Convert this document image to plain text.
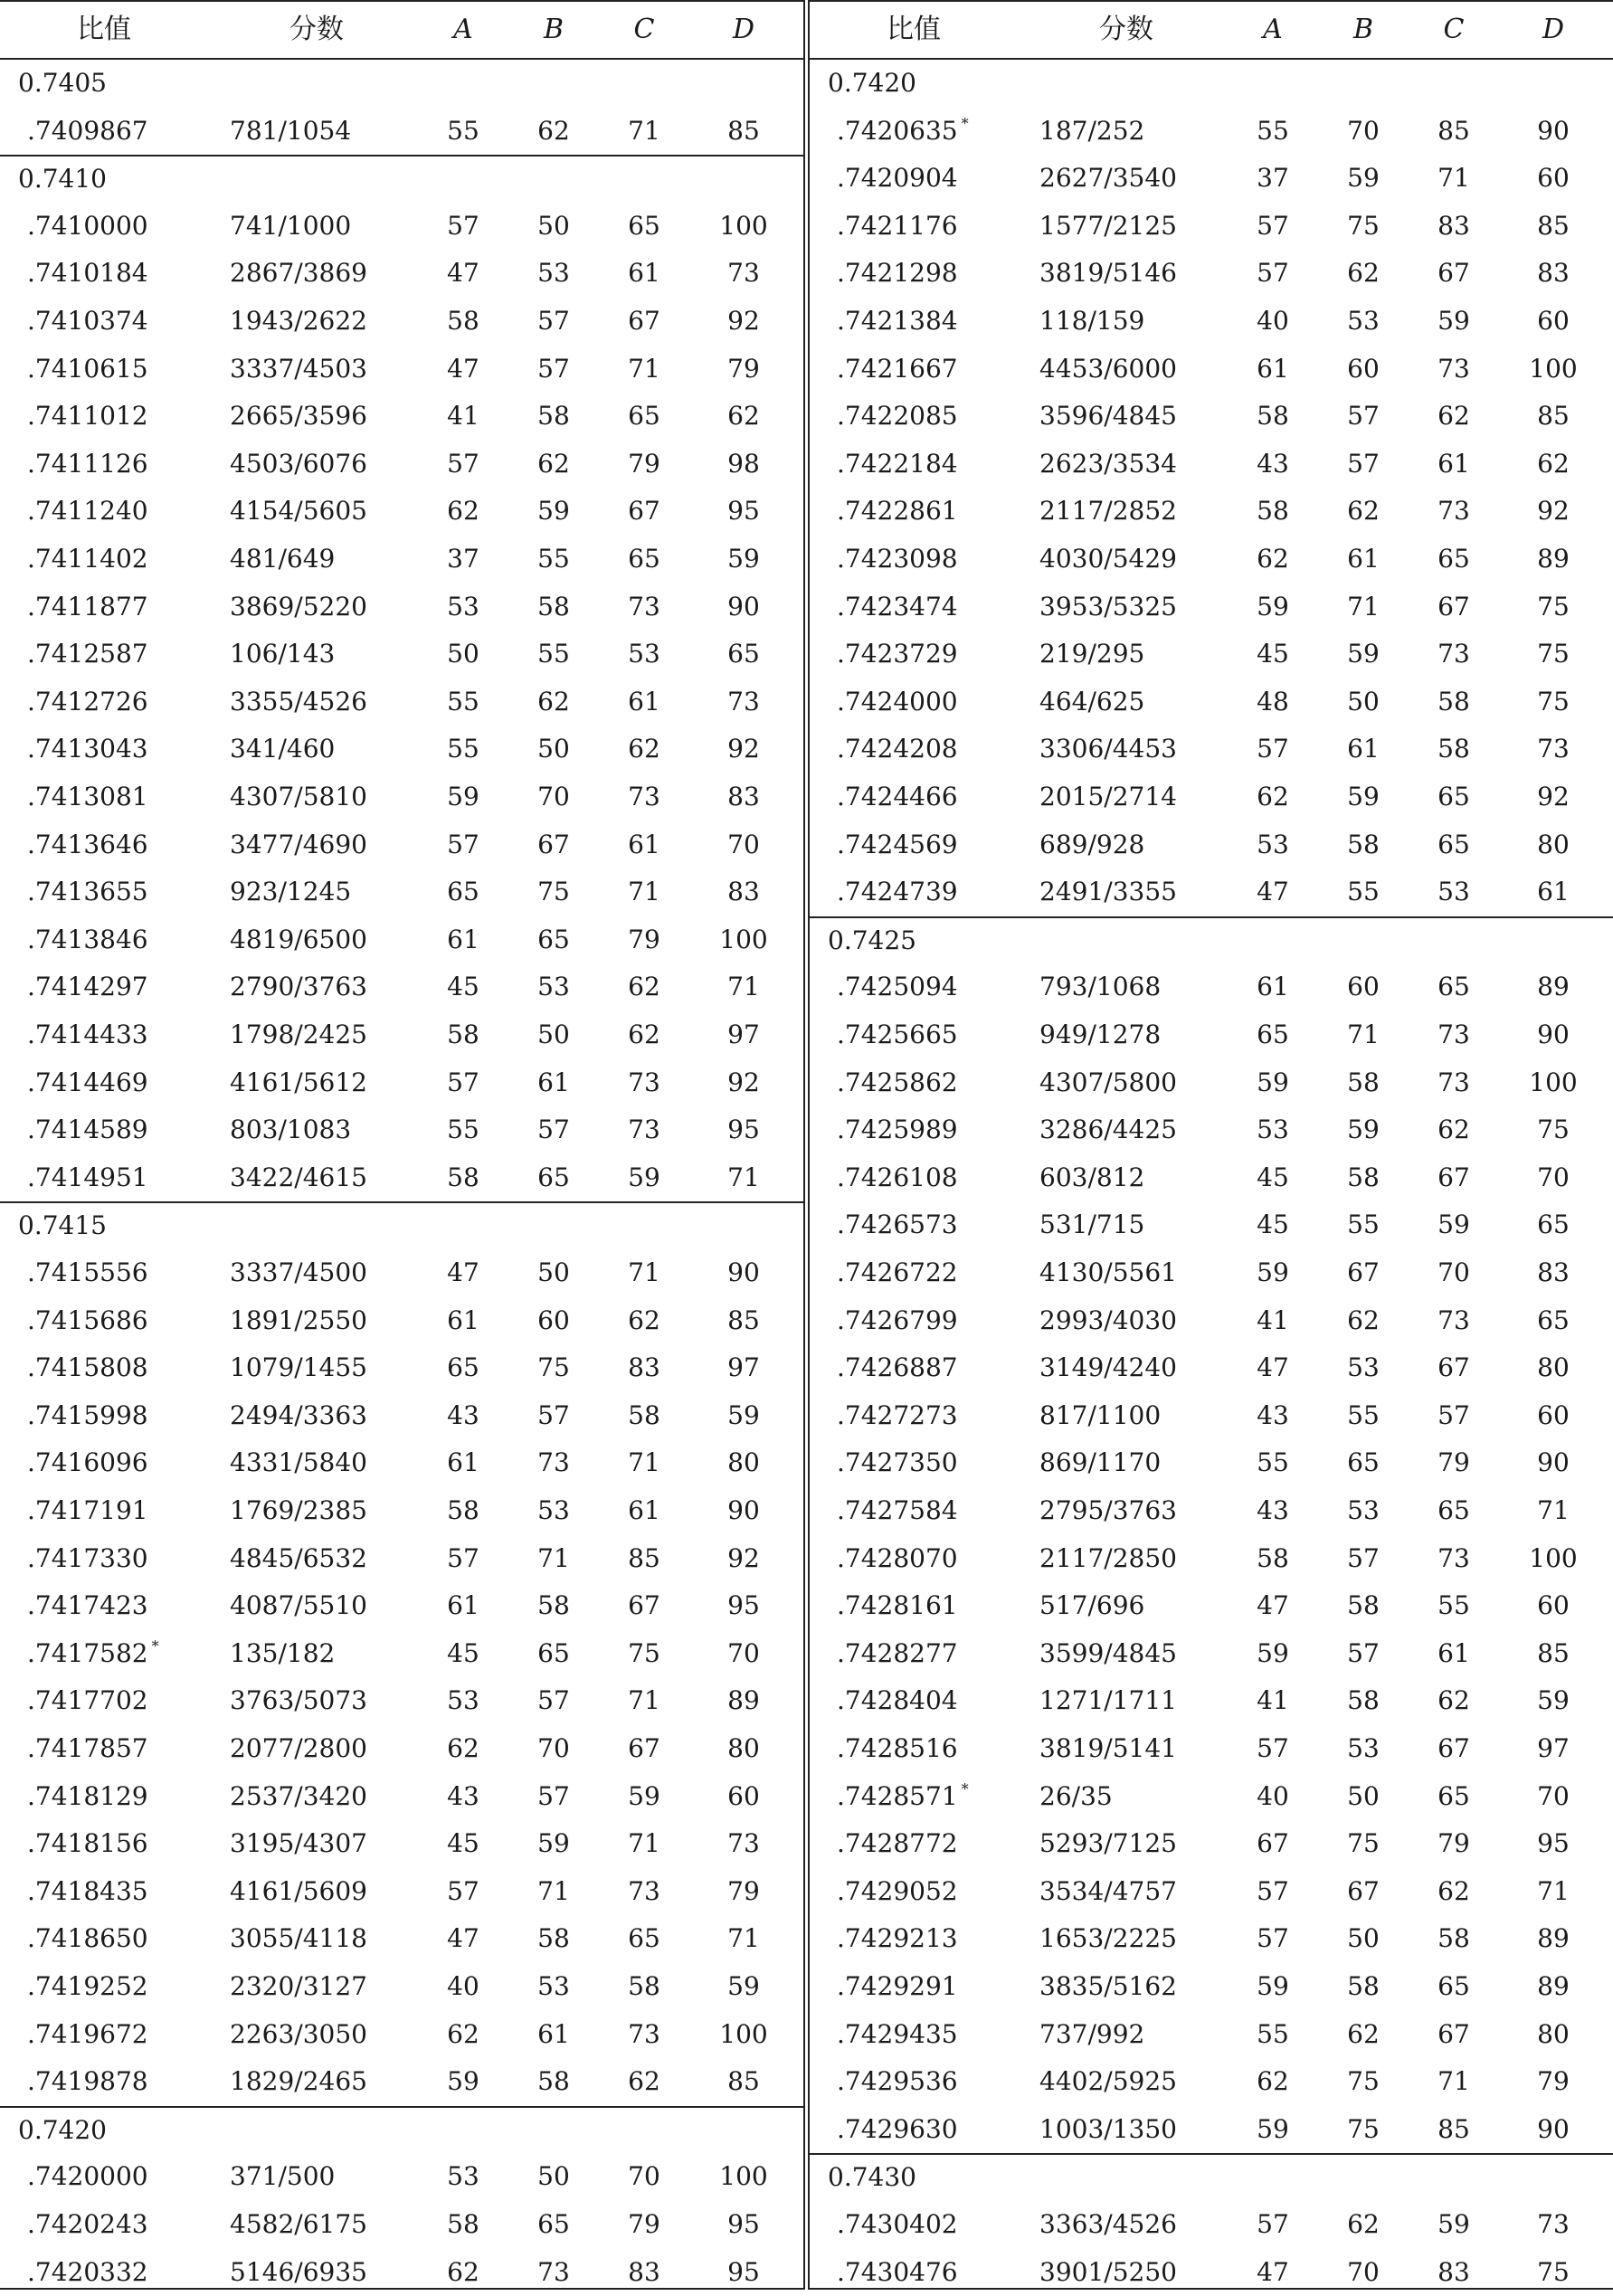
比值	分数	A	B	C	D
0.7405
.7409867	781/1054	55	62	71	85
0.7410
.7410000	741/1000	57	50	65	100
.7410184	2867/3869	47	53	61	73
.7410374	1943/2622	58	57	67	92
.7410615	3337/4503	47	57	71	79
.7411012	2665/3596	41	58	65	62
.7411126	4503/6076	57	62	79	98
.7411240	4154/5605	62	59	67	95
.7411402	481/649	37	55	65	59
.7411877	3869/5220	53	58	73	90
.7412587	106/143	50	55	53	65
.7412726	3355/4526	55	62	61	73
.7413043	341/460	55	50	62	92
.7413081	4307/5810	59	70	73	83
.7413646	3477/4690	57	67	61	70
.7413655	923/1245	65	75	71	83
.7413846	4819/6500	61	65	79	100
.7414297	2790/3763	45	53	62	71
.7414433	1798/2425	58	50	62	97
.7414469	4161/5612	57	61	73	92
.7414589	803/1083	55	57	73	95
.7414951	3422/4615	58	65	59	71
0.7415
.7415556	3337/4500	47	50	71	90
.7415686	1891/2550	61	60	62	85
.7415808	1079/1455	65	75	83	97
.7415998	2494/3363	43	57	58	59
.7416096	4331/5840	61	73	71	80
.7417191	1769/2385	58	53	61	90
.7417330	4845/6532	57	71	85	92
.7417423	4087/5510	61	58	67	95
.7417582 *	135/182	45	65	75	70
.7417702	3763/5073	53	57	71	89
.7417857	2077/2800	62	70	67	80
.7418129	2537/3420	43	57	59	60
.7418156	3195/4307	45	59	71	73
.7418435	4161/5609	57	71	73	79
.7418650	3055/4118	47	58	65	71
.7419252	2320/3127	40	53	58	59
.7419672	2263/3050	62	61	73	100
.7419878	1829/2465	59	58	62	85
0.7420
.7420000	371/500	53	50	70	100
.7420243	4582/6175	58	65	79	95
.7420332	5146/6935	62	73	83	95
比值	分数	A	B	C	D
0.7420
.7420635 *	187/252	55	70	85	90
.7420904	2627/3540	37	59	71	60
.7421176	1577/2125	57	75	83	85
.7421298	3819/5146	57	62	67	83
.7421384	118/159	40	53	59	60
.7421667	4453/6000	61	60	73	100
.7422085	3596/4845	58	57	62	85
.7422184	2623/3534	43	57	61	62
.7422861	2117/2852	58	62	73	92
.7423098	4030/5429	62	61	65	89
.7423474	3953/5325	59	71	67	75
.7423729	219/295	45	59	73	75
.7424000	464/625	48	50	58	75
.7424208	3306/4453	57	61	58	73
.7424466	2015/2714	62	59	65	92
.7424569	689/928	53	58	65	80
.7424739	2491/3355	47	55	53	61
0.7425
.7425094	793/1068	61	60	65	89
.7425665	949/1278	65	71	73	90
.7425862	4307/5800	59	58	73	100
.7425989	3286/4425	53	59	62	75
.7426108	603/812	45	58	67	70
.7426573	531/715	45	55	59	65
.7426722	4130/5561	59	67	70	83
.7426799	2993/4030	41	62	73	65
.7426887	3149/4240	47	53	67	80
.7427273	817/1100	43	55	57	60
.7427350	869/1170	55	65	79	90
.7427584	2795/3763	43	53	65	71
.7428070	2117/2850	58	57	73	100
.7428161	517/696	47	58	55	60
.7428277	3599/4845	59	57	61	85
.7428404	1271/1711	41	58	62	59
.7428516	3819/5141	57	53	67	97
.7428571 *	26/35	40	50	65	70
.7428772	5293/7125	67	75	79	95
.7429052	3534/4757	57	67	62	71
.7429213	1653/2225	57	50	58	89
.7429291	3835/5162	59	58	65	89
.7429435	737/992	55	62	67	80
.7429536	4402/5925	62	75	71	79
.7429630	1003/1350	59	75	85	90
0.7430
.7430402	3363/4526	57	62	59	73
.7430476	3901/5250	47	70	83	75
